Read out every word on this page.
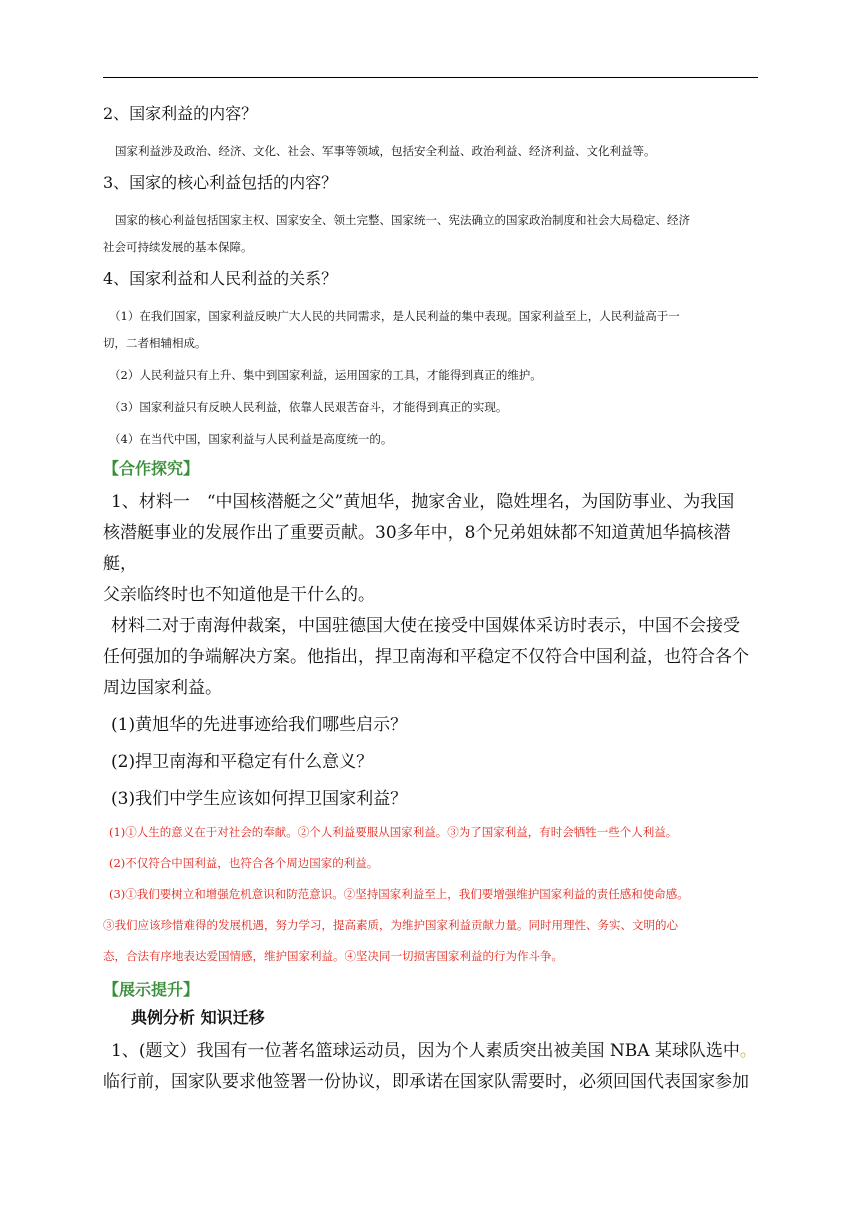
2、国家利益的内容？

国家利益涉及政治、经济、文化、社会、军事等领域，包括安全利益、政治利益、经济利益、文化利益等。

3、国家的核心利益包括的内容？

国家的核心利益包括国家主权、国家安全、领土完整、国家统一、宪法确立的国家政治制度和社会大局稳定、经济

社会可持续发展的基本保障。

4、国家利益和人民利益的关系？

（1）在我们国家，国家利益反映广大人民的共同需求，是人民利益的集中表现。国家利益至上，人民利益高于一

切，二者相辅相成。

（2）人民利益只有上升、集中到国家利益，运用国家的工具，才能得到真正的维护。

（3）国家利益只有反映人民利益，依靠人民艰苦奋斗，才能得到真正的实现。

（4）在当代中国，国家利益与人民利益是高度统一的。

【合作探究】

1、材料一　“中国核潜艇之父”黄旭华，抛家舍业，隐姓埋名，为国防事业、为我国

核潜艇事业的发展作出了重要贡献。30多年中，8个兄弟姐妹都不知道黄旭华搞核潜艇，

父亲临终时也不知道他是干什么的。

材料二对于南海仲裁案，中国驻德国大使在接受中国媒体采访时表示，中国不会接受

任何强加的争端解决方案。他指出，捍卫南海和平稳定不仅符合中国利益，也符合各个

周边国家利益。

(1)黄旭华的先进事迹给我们哪些启示？

(2)捍卫南海和平稳定有什么意义？

(3)我们中学生应该如何捍卫国家利益？

(1)①人生的意义在于对社会的奉献。②个人利益要服从国家利益。③为了国家利益，有时会牺牲一些个人利益。

(2)不仅符合中国利益，也符合各个周边国家的利益。

(3)①我们要树立和增强危机意识和防范意识。②坚持国家利益至上，我们要增强维护国家利益的责任感和使命感。

③我们应该珍惜难得的发展机遇，努力学习，提高素质，为维护国家利益贡献力量。同时用理性、务实、文明的心

态，合法有序地表达爱国情感，维护国家利益。④坚决同一切损害国家利益的行为作斗争。

【展示提升】

典例分析 知识迁移

1、(题文）我国有一位著名篮球运动员，因为个人素质突出被美国 NBA 某球队选中。

临行前，国家队要求他签署一份协议，即承诺在国家队需要时，必须回国代表国家参加
